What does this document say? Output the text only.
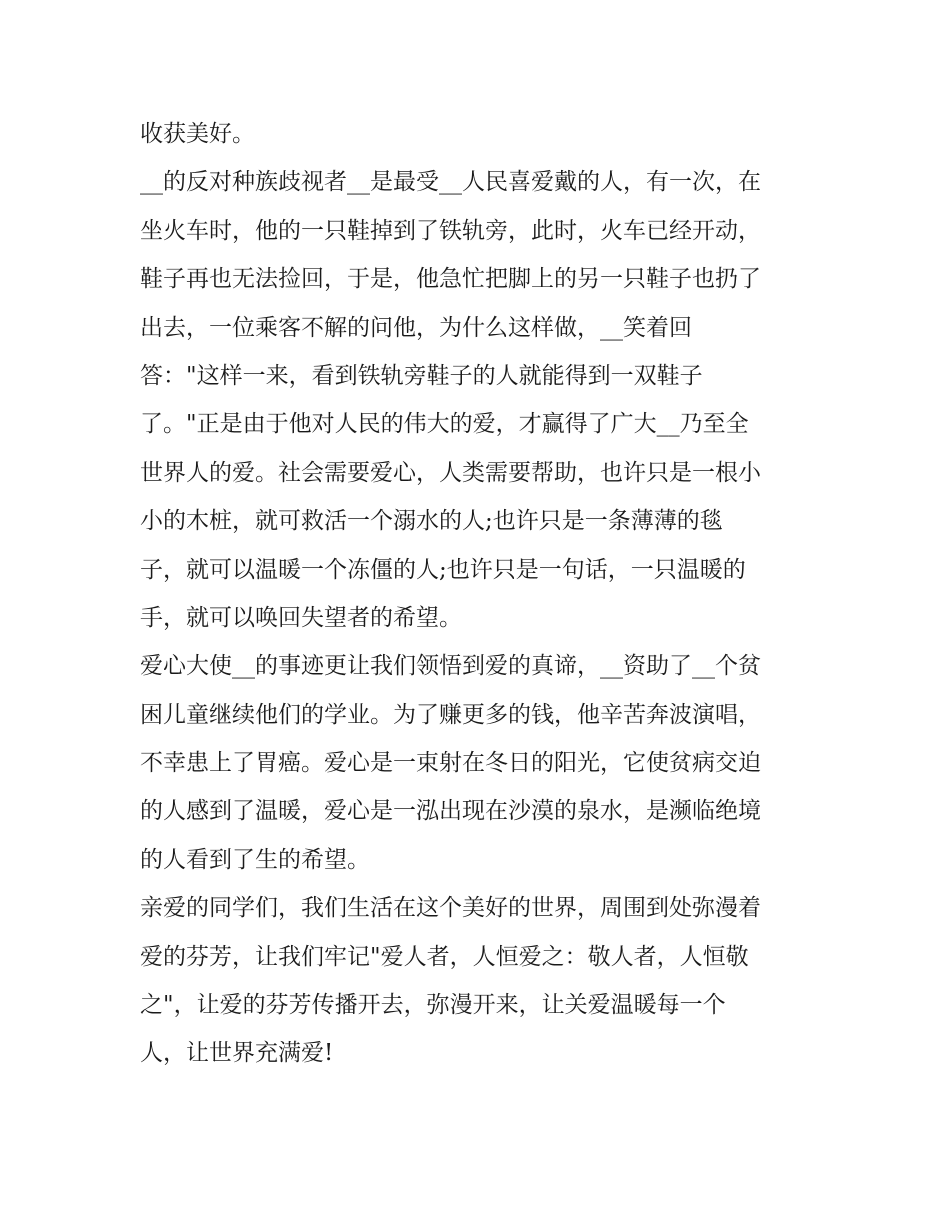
收获美好。
__的反对种族歧视者__是最受__人民喜爱戴的人，有一次，在
坐火车时，他的一只鞋掉到了铁轨旁，此时，火车已经开动，
鞋子再也无法捡回，于是，他急忙把脚上的另一只鞋子也扔了
出去，一位乘客不解的问他，为什么这样做，__笑着回
答："这样一来，看到铁轨旁鞋子的人就能得到一双鞋子
了。"正是由于他对人民的伟大的爱，才赢得了广大__乃至全
世界人的爱。社会需要爱心，人类需要帮助，也许只是一根小
小的木桩，就可救活一个溺水的人;也许只是一条薄薄的毯
子，就可以温暖一个冻僵的人;也许只是一句话，一只温暖的
手，就可以唤回失望者的希望。
爱心大使__的事迹更让我们领悟到爱的真谛，__资助了__个贫
困儿童继续他们的学业。为了赚更多的钱，他辛苦奔波演唱，
不幸患上了胃癌。爱心是一束射在冬日的阳光，它使贫病交迫
的人感到了温暖，爱心是一泓出现在沙漠的泉水，是濒临绝境
的人看到了生的希望。
亲爱的同学们，我们生活在这个美好的世界，周围到处弥漫着
爱的芬芳，让我们牢记"爱人者，人恒爱之：敬人者，人恒敬
之"，让爱的芬芳传播开去，弥漫开来，让关爱温暖每一个
人，让世界充满爱!
